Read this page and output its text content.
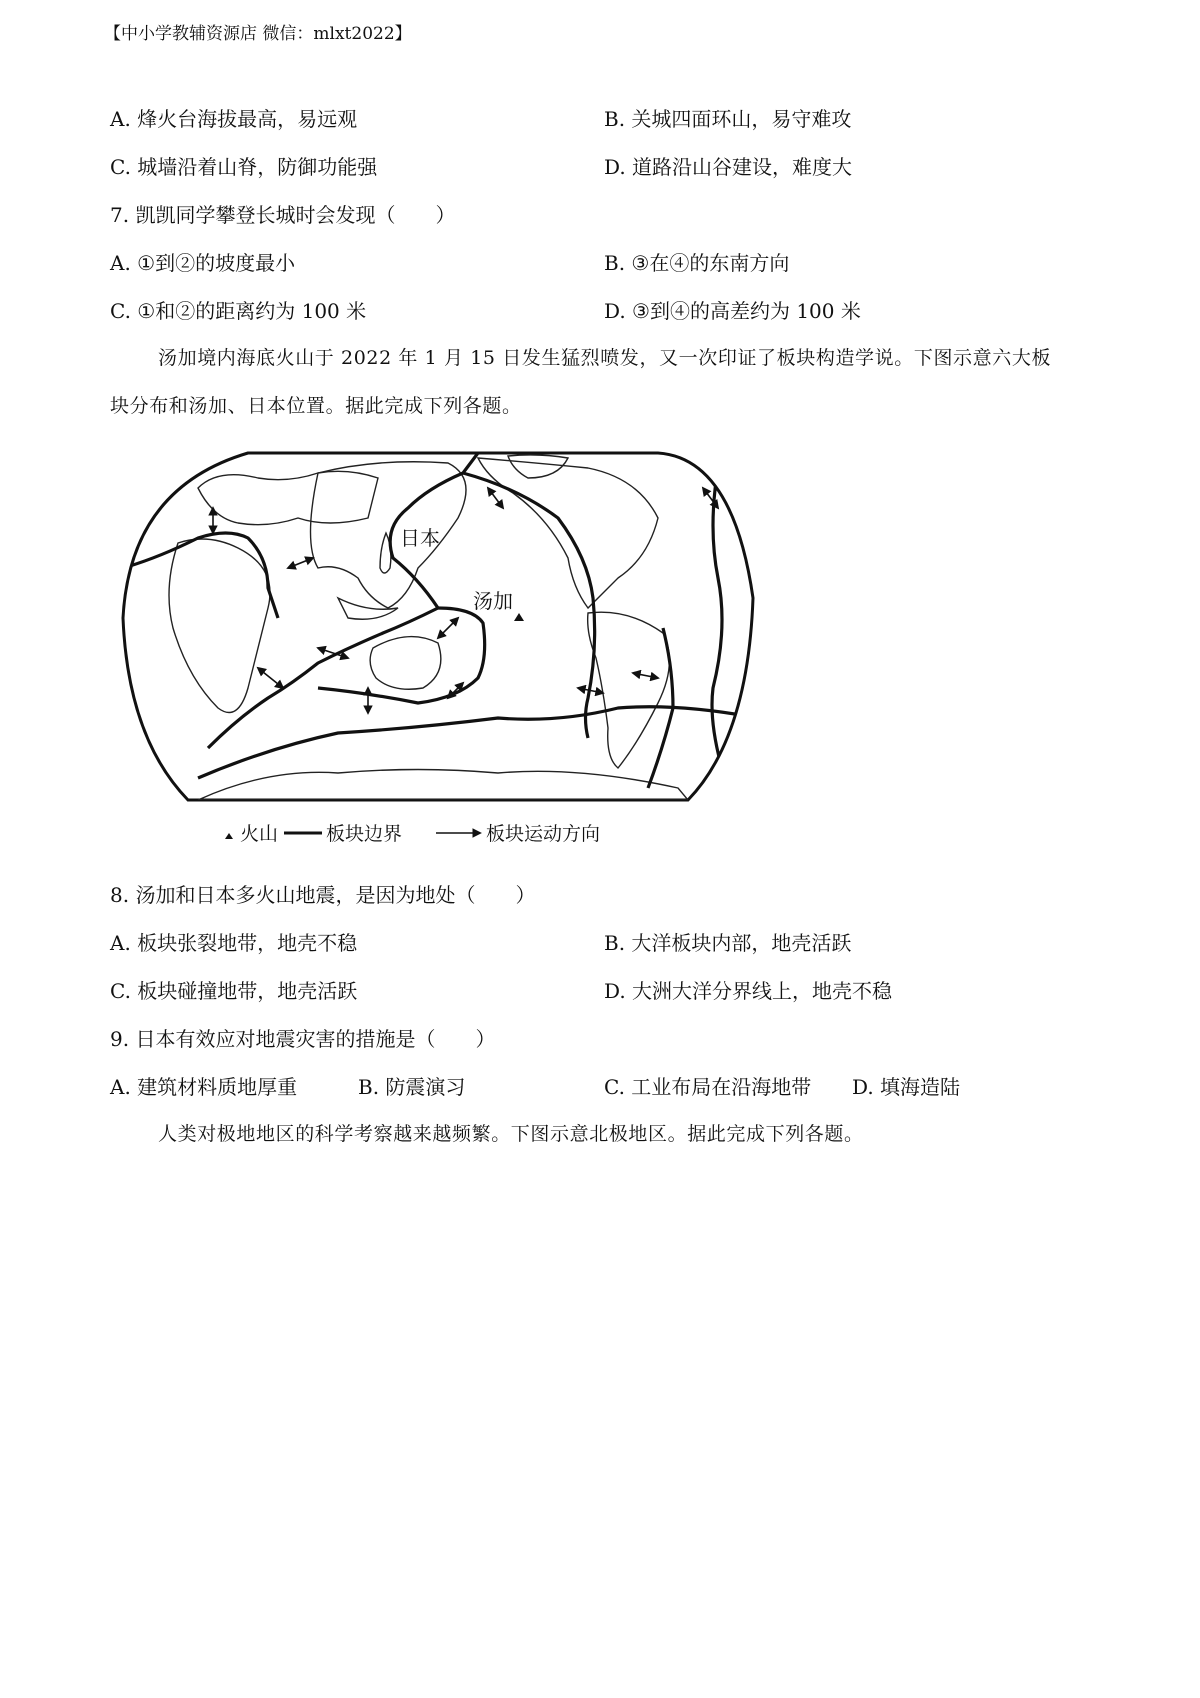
【中小学教辅资源店 微信：mlxt2022】
A. 烽火台海拔最高，易远观	B. 关城四面环山，易守难攻
C. 城墙沿着山脊，防御功能强	D. 道路沿山谷建设，难度大
7. 凯凯同学攀登长城时会发现（　　）
A. ①到②的坡度最小	B. ③在④的东南方向
C. ①和②的距离约为 100 米	D. ③到④的高差约为 100 米
汤加境内海底火山于 2022 年 1 月 15 日发生猛烈喷发，又一次印证了板块构造学说。下图示意六大板
块分布和汤加、日本位置。据此完成下列各题。
日本
汤加
火山	板块边界	板块运动方向
8. 汤加和日本多火山地震，是因为地处（　　）
A. 板块张裂地带，地壳不稳	B. 大洋板块内部，地壳活跃
C. 板块碰撞地带，地壳活跃	D. 大洲大洋分界线上，地壳不稳
9. 日本有效应对地震灾害的措施是（　　）
A. 建筑材料质地厚重	B. 防震演习	C. 工业布局在沿海地带 D. 填海造陆
人类对极地地区的科学考察越来越频繁。下图示意北极地区。据此完成下列各题。
